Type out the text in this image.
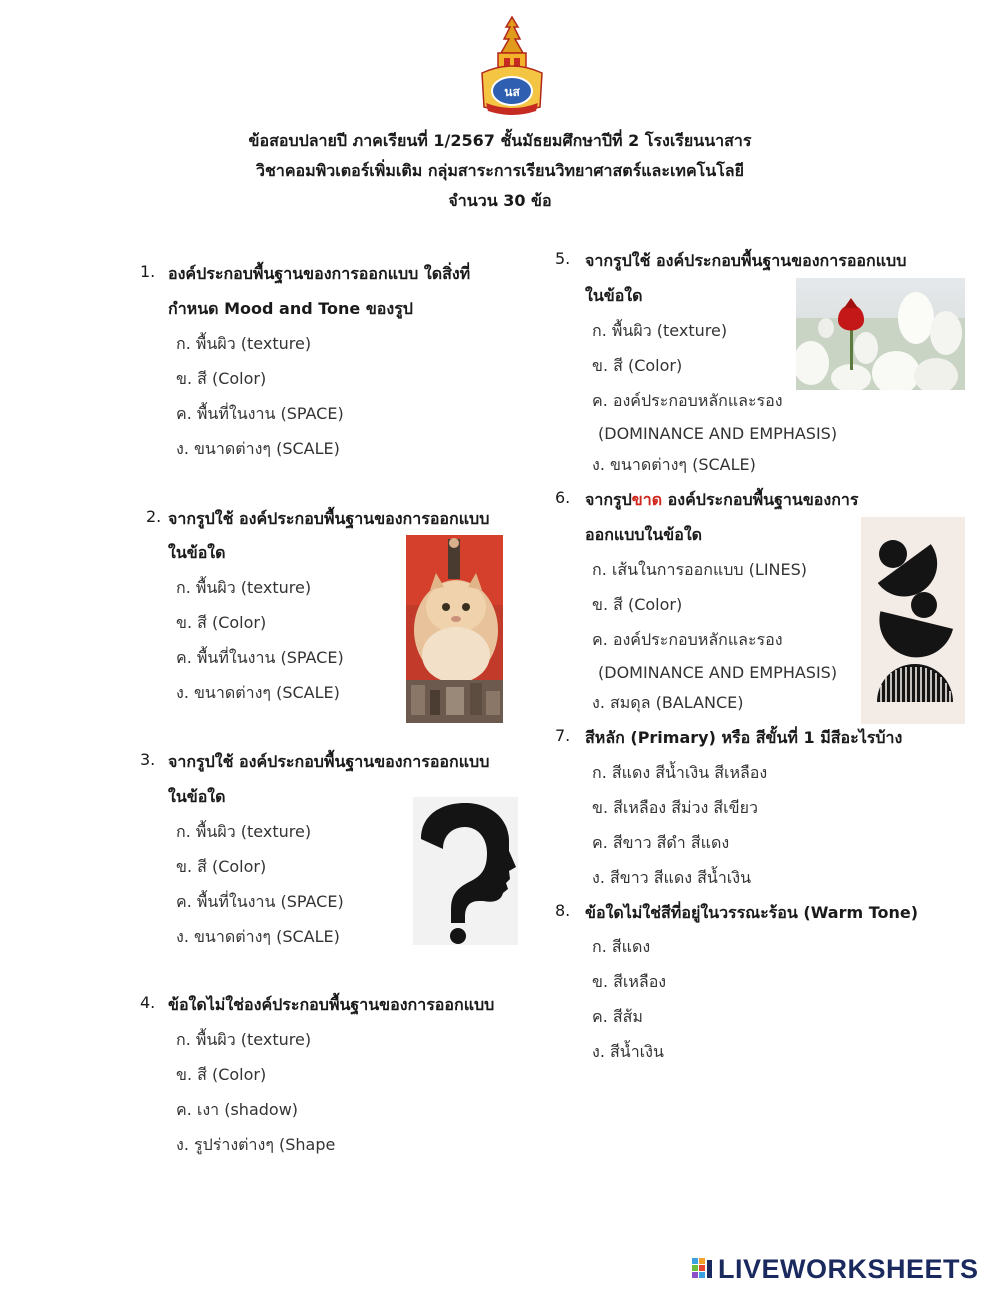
นส
ข้อสอบปลายปี ภาคเรียนที่ 1/2567 ชั้นมัธยมศึกษาปีที่ 2 โรงเรียนนาสาร
วิชาคอมพิวเตอร์เพิ่มเติม กลุ่มสาระการเรียนวิทยาศาสตร์และเทคโนโลยี
จำนวน 30 ข้อ
1. องค์ประกอบพื้นฐานของการออกแบบ ใดสิ่งที่
กำหนด Mood and Tone ของรูป
ก. พื้นผิว (texture)
ข. สี (Color)
ค. พื้นที่ในงาน (SPACE)
ง. ขนาดต่างๆ (SCALE)
2. จากรูปใช้ องค์ประกอบพื้นฐานของการออกแบบ
ในข้อใด
ก. พื้นผิว (texture)
ข. สี (Color)
ค. พื้นที่ในงาน (SPACE)
ง. ขนาดต่างๆ (SCALE)
3. จากรูปใช้ องค์ประกอบพื้นฐานของการออกแบบ
ในข้อใด
ก. พื้นผิว (texture)
ข. สี (Color)
ค. พื้นที่ในงาน (SPACE)
ง. ขนาดต่างๆ (SCALE)
4. ข้อใดไม่ใช่องค์ประกอบพื้นฐานของการออกแบบ
ก. พื้นผิว (texture)
ข. สี (Color)
ค. เงา (shadow)
ง. รูปร่างต่างๆ (Shape
5. จากรูปใช้ องค์ประกอบพื้นฐานของการออกแบบ
ในข้อใด
ก. พื้นผิว (texture)
ข. สี (Color)
ค. องค์ประกอบหลักและรอง
(DOMINANCE AND EMPHASIS)
ง. ขนาดต่างๆ (SCALE)
6. จากรูปขาด องค์ประกอบพื้นฐานของการ
ออกแบบในข้อใด
ก. เส้นในการออกแบบ (LINES)
ข. สี (Color)
ค. องค์ประกอบหลักและรอง
(DOMINANCE AND EMPHASIS)
ง. สมดุล (BALANCE)
7. สีหลัก (Primary) หรือ สีขั้นที่ 1 มีสีอะไรบ้าง
ก. สีแดง สีน้ำเงิน สีเหลือง
ข. สีเหลือง สีม่วง สีเขียว
ค. สีขาว สีดำ สีแดง
ง. สีขาว สีแดง สีน้ำเงิน
8. ข้อใดไม่ใช่สีที่อยู่ในวรรณะร้อน (Warm Tone)
ก. สีแดง
ข. สีเหลือง
ค. สีส้ม
ง. สีน้ำเงิน
LIVEWORKSHEETS
